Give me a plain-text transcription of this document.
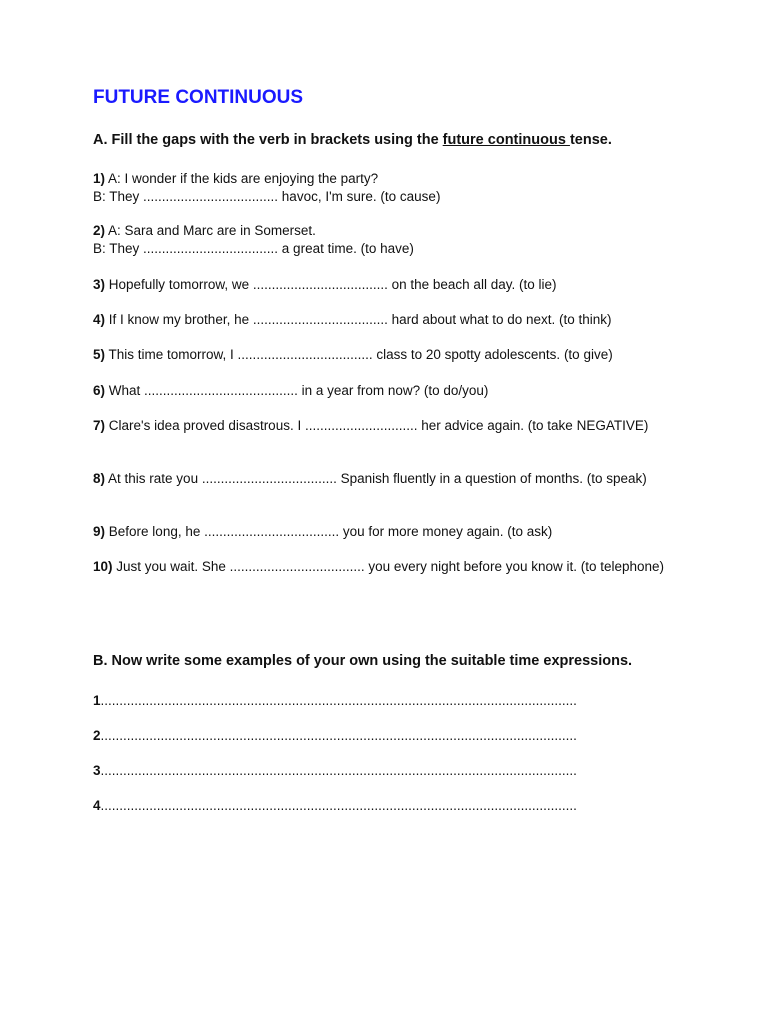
FUTURE CONTINUOUS
A. Fill the gaps with the verb in brackets using the future continuous tense.
1) A: I wonder if the kids are enjoying the party?
B: They .................................... havoc, I'm sure. (to cause)
2) A: Sara and Marc are in Somerset.
B: They .................................... a great time. (to have)
3) Hopefully tomorrow, we .................................... on the beach all day. (to lie)
4) If I know my brother, he .................................... hard about what to do next. (to think)
5) This time tomorrow, I .................................... class to 20 spotty adolescents. (to give)
6) What ......................................... in a year from now? (to do/you)
7) Clare's idea proved disastrous. I .............................. her advice again. (to take NEGATIVE)
8) At this rate you .................................... Spanish fluently in a question of months. (to speak)
9) Before long, he .................................... you for more money again. (to ask)
10) Just you wait. She .................................... you every night before you know it. (to telephone)
B. Now write some examples of your own using the suitable time expressions.
1...............................................................................................................................
2...............................................................................................................................
3...............................................................................................................................
4...............................................................................................................................
